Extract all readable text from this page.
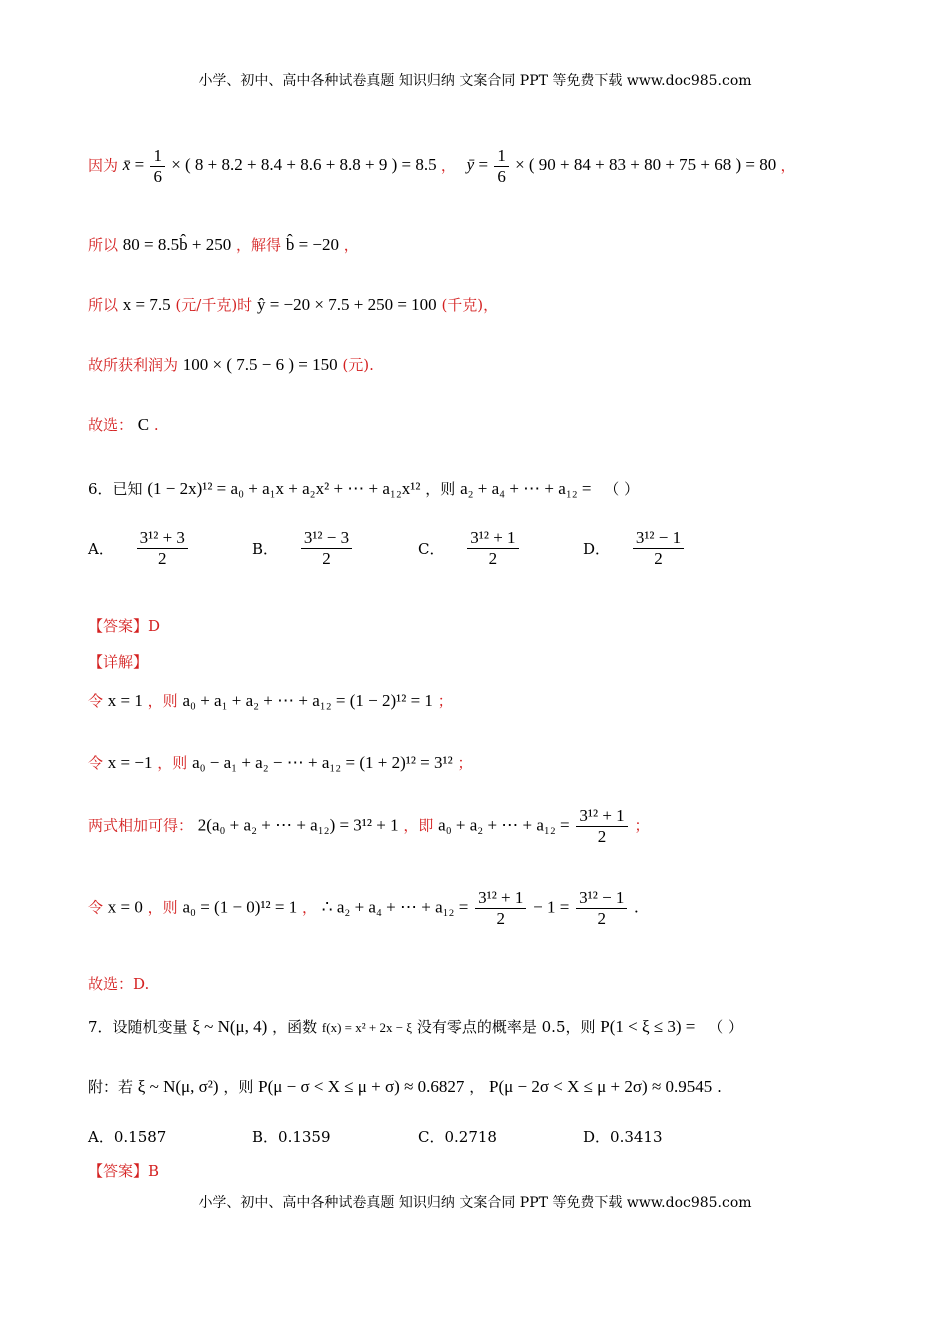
小学、初中、高中各种试卷真题 知识归纳 文案合同 PPT 等免费下载 www.doc985.com
因为 x̄ = $\frac{1}{6}$ × ( 8 + 8.2 + 8.4 + 8.6 + 8.8 + 9 ) = 8.5 ， ȳ = $\frac{1}{6}$ × ( 90 + 84 + 83 + 80 + 75 + 68 ) = 80 ，
所以 80 = 8.5b̂ + 250 ，解得 b̂ = −20 ，
所以 x = 7.5 (元/千克)时 ŷ = −20 × 7.5 + 250 = 100 (千克)，
故所获利润为 100 × ( 7.5 − 6 ) = 150 (元).
故选： C .
6．已知 (1 − 2x)¹² = a₀ + a₁x + a₂x² + ⋯ + a₁₂x¹² ，则 a₂ + a₄ + ⋯ + a₁₂ = （ ）
A． $\frac{\text{3¹² + 3}}{2}$	B． $\frac{\text{3¹² − 3}}{2}$	C． $\frac{\text{3¹² + 1}}{2}$	D． $\frac{\text{3¹² − 1}}{2}$
【答案】D
【详解】
令 x = 1 ，则 a₀ + a₁ + a₂ + ⋯ + a₁₂ = (1 − 2)¹² = 1 ；
令 x = −1 ，则 a₀ − a₁ + a₂ − ⋯ + a₁₂ = (1 + 2)¹² = 3¹² ；
两式相加可得： 2(a₀ + a₂ + ⋯ + a₁₂) = 3¹² + 1 ，即 a₀ + a₂ + ⋯ + $a_{12} = \frac{\text{3¹² + 1}}{2}$ ；
令 x = 0 ，则 a₀ = (1 − 0)¹² = 1 ， ∴ a₂ + a₄ + ⋯ + $a_{12} = \frac{\text{3¹² + 1}}{2} - 1 = \frac{\text{3¹² − 1}}{2}$ .
故选：D.
7．设随机变量 ξ ~ N(μ, 4) ，函数 f(x) = x² + 2x − ξ 没有零点的概率是 0.5，则 P(1 < ξ ≤ 3) = （ ）
附：若 ξ ~ N(μ, σ²) ，则 P(μ − σ < X ≤ μ + σ) ≈ 0.6827 ， P(μ − 2σ < X ≤ μ + 2σ) ≈ 0.9545 .
A．0.1587	B．0.1359	C．0.2718	D．0.3413
【答案】B
小学、初中、高中各种试卷真题 知识归纳 文案合同 PPT 等免费下载 www.doc985.com
